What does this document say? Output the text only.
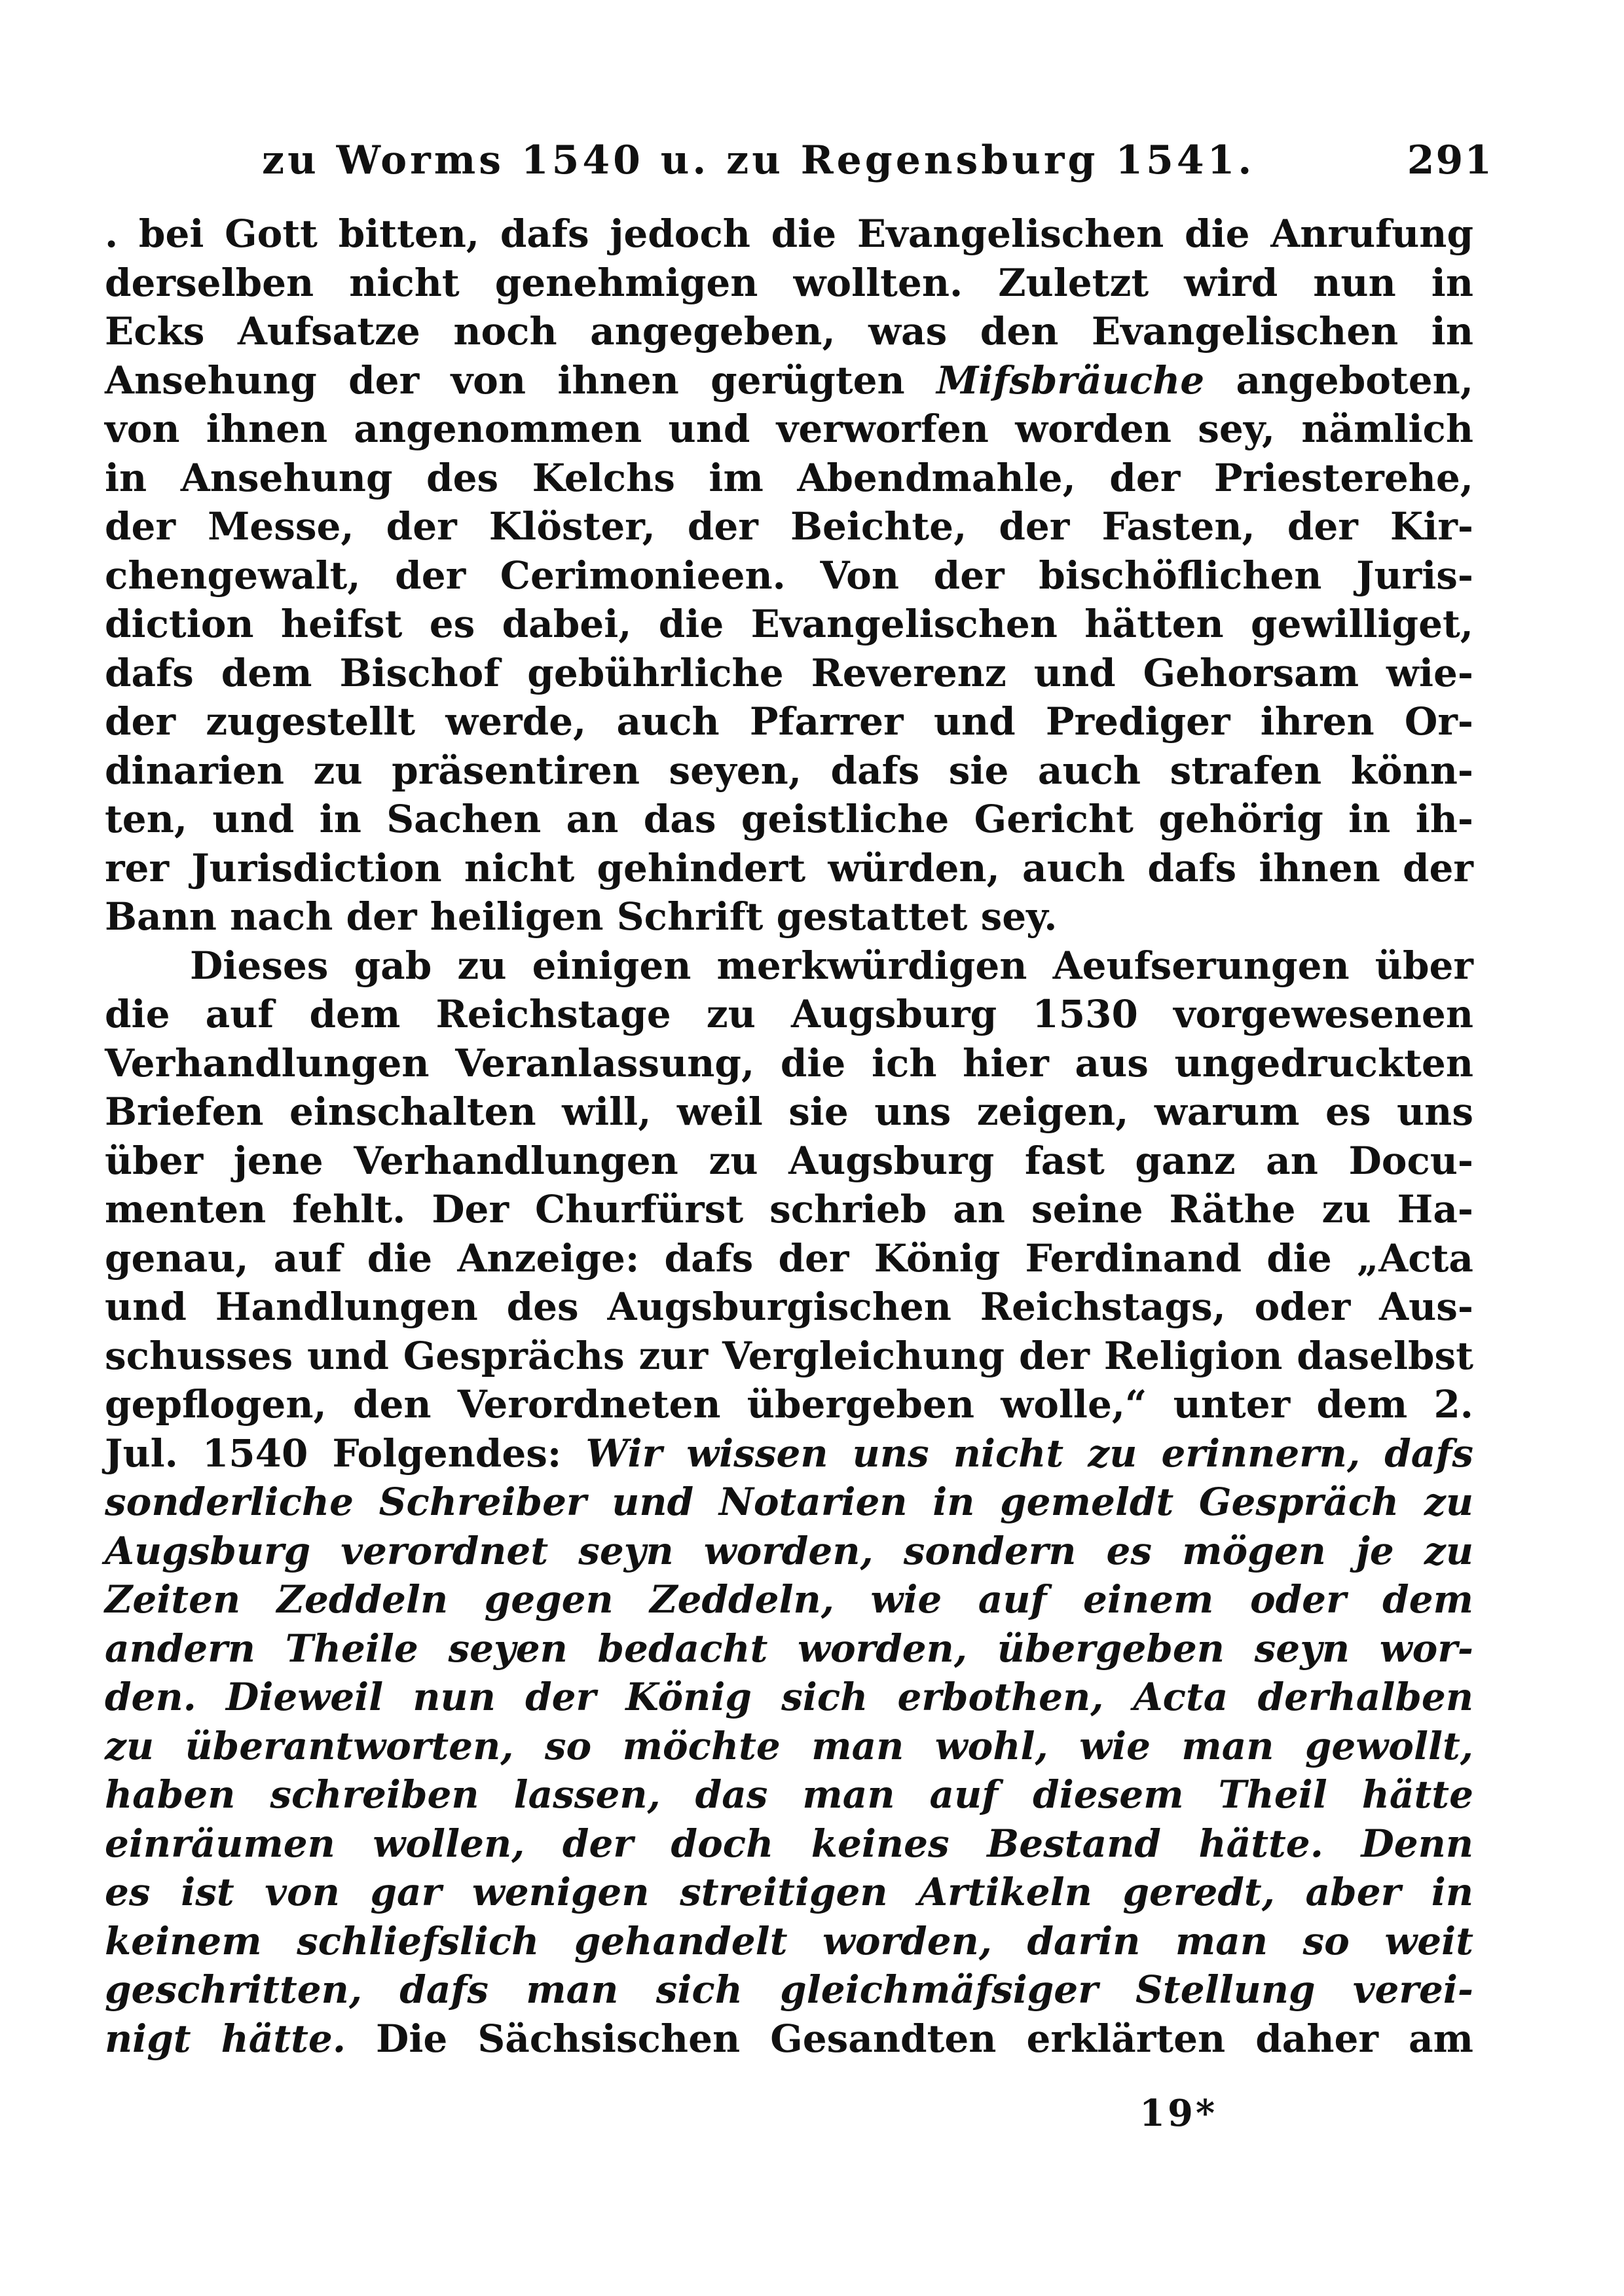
zu Worms 1540 u. zu Regensburg 1541.	291
. bei Gott bitten, dafs jedoch die Evangelischen die Anrufung
derselben nicht genehmigen wollten. Zuletzt wird nun in
Ecks Aufsatze noch angegeben, was den Evangelischen in
Ansehung der von ihnen gerügten Mifsbräuche angeboten,
von ihnen angenommen und verworfen worden sey, nämlich
in Ansehung des Kelchs im Abendmahle, der Priesterehe,
der Messe, der Klöster, der Beichte, der Fasten, der Kir-
chengewalt, der Cerimonieen. Von der bischöflichen Juris-
diction heifst es dabei, die Evangelischen hätten gewilliget,
dafs dem Bischof gebührliche Reverenz und Gehorsam wie-
der zugestellt werde, auch Pfarrer und Prediger ihren Or-
dinarien zu präsentiren seyen, dafs sie auch strafen könn-
ten, und in Sachen an das geistliche Gericht gehörig in ih-
rer Jurisdiction nicht gehindert würden, auch dafs ihnen der
Bann nach der heiligen Schrift gestattet sey.
Dieses gab zu einigen merkwürdigen Aeufserungen über
die auf dem Reichstage zu Augsburg 1530 vorgewesenen
Verhandlungen Veranlassung, die ich hier aus ungedruckten
Briefen einschalten will, weil sie uns zeigen, warum es uns
über jene Verhandlungen zu Augsburg fast ganz an Docu-
menten fehlt. Der Churfürst schrieb an seine Räthe zu Ha-
genau, auf die Anzeige: dafs der König Ferdinand die „Acta
und Handlungen des Augsburgischen Reichstags, oder Aus-
schusses und Gesprächs zur Vergleichung der Religion daselbst
gepflogen, den Verordneten übergeben wolle,“ unter dem 2.
Jul. 1540 Folgendes: Wir wissen uns nicht zu erinnern, dafs
sonderliche Schreiber und Notarien in gemeldt Gespräch zu
Augsburg verordnet seyn worden, sondern es mögen je zu
Zeiten Zeddeln gegen Zeddeln, wie auf einem oder dem
andern Theile seyen bedacht worden, übergeben seyn wor-
den. Dieweil nun der König sich erbothen, Acta derhalben
zu überantworten, so möchte man wohl, wie man gewollt,
haben schreiben lassen, das man auf diesem Theil hätte
einräumen wollen, der doch keines Bestand hätte. Denn
es ist von gar wenigen streitigen Artikeln geredt, aber in
keinem schliefslich gehandelt worden, darin man so weit
geschritten, dafs man sich gleichmäfsiger Stellung verei-
nigt hätte. Die Sächsischen Gesandten erklärten daher am
19*
